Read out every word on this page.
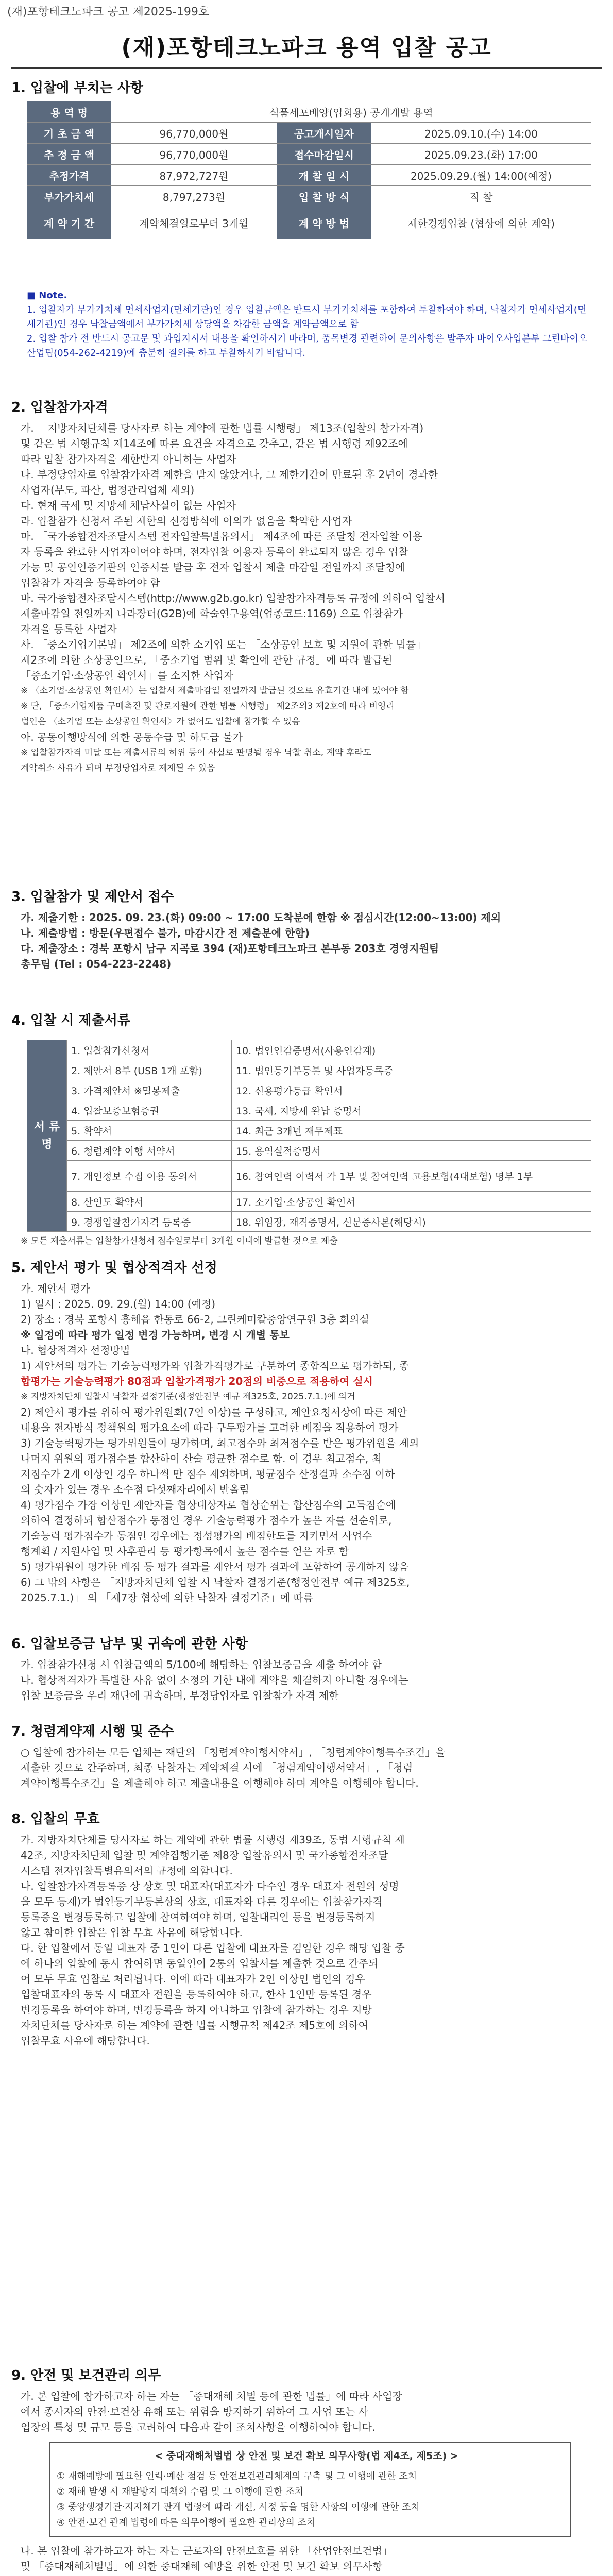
(재)포항테크노파크 공고 제2025-199호
(재)포항테크노파크 용역 입찰 공고
1. 입찰에 부치는 사항
용 역 명	식품세포배양(입회용) 공개개발 용역		
기 초 금 액	96,770,000원	공고개시일자	2025.09.10.(수) 14:00
추 정 금 액	96,770,000원	접수마감일시	2025.09.23.(화) 17:00
추정가격	87,972,727원	개 찰 일 시	2025.09.29.(월) 14:00(예정)
부가가치세	8,797,273원	입 찰 방 식	직 찰
계 약 기 간	계약체결일로부터 3개월	계 약 방 법	제한경쟁입찰 (협상에 의한 계약)
■ Note.
1. 입찰자가 부가가치세 면세사업자(면세기관)인 경우 입찰금액은 반드시 부가가치세를 포함하여 투찰하여야 하며, 낙찰자가 면세사업자(면세기관)인 경우 낙찰금액에서 부가가치세 상당액을 차감한 금액을 계약금액으로 함
2. 입찰 참가 전 반드시 공고문 및 과업지시서 내용을 확인하시기 바라며, 품목변경 관련하여 문의사항은 발주자 바이오사업본부 그린바이오산업팀(054-262-4219)에 충분히 질의를 하고 투찰하시기 바랍니다.
2. 입찰참가자격
가. 「지방자치단체를 당사자로 하는 계약에 관한 법률 시행령」 제13조(입찰의 참가자격)
및 같은 법 시행규칙 제14조에 따른 요건을 자격으로 갖추고, 같은 법 시행령 제92조에
따라 입찰 참가자격을 제한받지 아니하는 사업자
나. 부정당업자로 입찰참가자격 제한을 받지 않았거나, 그 제한기간이 만료된 후 2년이 경과한
사업자(부도, 파산, 법정관리업체 제외)
다. 현재 국세 및 지방세 체납사실이 없는 사업자
라. 입찰참가 신청서 주된 제한의 선정방식에 이의가 없음을 확약한 사업자
마. 「국가종합전자조달시스템 전자입찰특별유의서」 제4조에 따른 조달청 전자입찰 이용
자 등록을 완료한 사업자이어야 하며, 전자입찰 이용자 등록이 완료되지 않은 경우 입찰
가능 및 공인인증기관의 인증서를 발급 후 전자 입찰서 제출 마감일 전일까지 조달청에
입찰참가 자격을 등록하여야 함
바. 국가종합전자조달시스템(http://www.g2b.go.kr) 입찰참가자격등록 규정에 의하여 입찰서
제출마감일 전일까지 나라장터(G2B)에 학술연구용역(업종코드:1169) 으로 입찰참가
자격을 등록한 사업자
사. 「중소기업기본법」 제2조에 의한 소기업 또는 「소상공인 보호 및 지원에 관한 법률」
제2조에 의한 소상공인으로, 「중소기업 범위 및 확인에 관한 규정」에 따라 발급된
「중소기업·소상공인 확인서」를 소지한 사업자
※ 〈소기업·소상공인 확인서〉는 입찰서 제출마감일 전일까지 발급된 것으로 유효기간 내에 있어야 함
※ 단, 「중소기업제품 구매촉진 및 판로지원에 관한 법률 시행령」 제2조의3 제2호에 따라 비영리
법인은 〈소기업 또는 소상공인 확인서〉가 없어도 입찰에 참가할 수 있음
아. 공동이행방식에 의한 공동수급 및 하도급 불가
※ 입찰참가자격 미달 또는 제출서류의 허위 등이 사실로 판명될 경우 낙찰 취소, 계약 후라도
계약취소 사유가 되며 부정당업자로 제재될 수 있음
3. 입찰참가 및 제안서 접수
가. 제출기한 : 2025. 09. 23.(화) 09:00 ~ 17:00 도착분에 한함 ※ 점심시간(12:00~13:00) 제외
나. 제출방법 : 방문(우편접수 불가, 마감시간 전 제출분에 한함)
다. 제출장소 : 경북 포항시 남구 지곡로 394 (재)포항테크노파크 본부동 203호 경영지원팀
총무팀 (Tel : 054-223-2248)
4. 입찰 시 제출서류
서 류 명	1. 입찰참가신청서	10. 법인인감증명서(사용인감계)
	2. 제안서 8부 (USB 1개 포함)	11. 법인등기부등본 및 사업자등록증
	3. 가격제안서 ※밀봉제출	12. 신용평가등급 확인서
	4. 입찰보증보험증권	13. 국세, 지방세 완납 증명서
	5. 확약서	14. 최근 3개년 재무제표
	6. 청렴계약 이행 서약서	15. 용역실적증명서
	7. 개인정보 수집 이용 동의서	16. 참여인력 이력서 각 1부 및 참여인력 고용보험(4대보험) 명부 1부
	8. 산인도 확약서	17. 소기업·소상공인 확인서
	9. 경쟁입찰참가자격 등록증	18. 위임장, 재직증명서, 신분증사본(해당시)
※ 모든 제출서류는 입찰참가신청서 접수일로부터 3개월 이내에 발급한 것으로 제출
5. 제안서 평가 및 협상적격자 선정
가. 제안서 평가
1) 일시 : 2025. 09. 29.(월) 14:00 (예정)
2) 장소 : 경북 포항시 흥해읍 한동로 66-2, 그린케미칼중앙연구원 3층 회의실
※ 일정에 따라 평가 일정 변경 가능하며, 변경 시 개별 통보
나. 협상적격자 선정방법
1) 제안서의 평가는 기술능력평가와 입찰가격평가로 구분하여 종합적으로 평가하되, 종
합평가는 기술능력평가 80점과 입찰가격평가 20점의 비중으로 적용하여 실시
※ 지방자치단체 입찰시 낙찰자 결정기준(행정안전부 예규 제325호, 2025.7.1.)에 의거
2) 제안서 평가를 위하여 평가위원회(7인 이상)를 구성하고, 제안요청서상에 따른 제안
내용을 전자방식 정책원의 평가요소에 따라 구두평가를 고려한 배점을 적용하여 평가
3) 기술능력평가는 평가위원들이 평가하며, 최고점수와 최저점수를 받은 평가위원을 제외
나머지 위원의 평가점수를 합산하여 산술 평균한 점수로 함. 이 경우 최고점수, 최
저점수가 2개 이상인 경우 하나씩 만 점수 제외하며, 평균점수 산정결과 소수점 이하
의 숫자가 있는 경우 소수점 다섯째자리에서 반올림
4) 평가점수 가장 이상인 제안자를 협상대상자로 협상순위는 합산점수의 고득점순에
의하여 결정하되 합산점수가 동점인 경우 기술능력평가 점수가 높은 자를 선순위로,
기술능력 평가점수가 동점인 경우에는 정성평가의 배점한도를 지키면서 사업수
행계획 / 지원사업 및 사후관리 등 평가항목에서 높은 점수를 얻은 자로 함
5) 평가위원이 평가한 배점 등 평가 결과를 제안서 평가 결과에 포함하여 공개하지 않음
6) 그 밖의 사항은 「지방자치단체 입찰 시 낙찰자 결정기준(행정안전부 예규 제325호,
2025.7.1.)」 의 「제7장 협상에 의한 낙찰자 결정기준」에 따름
6. 입찰보증금 납부 및 귀속에 관한 사항
가. 입찰참가신청 시 입찰금액의 5/100에 해당하는 입찰보증금을 제출 하여야 함
나. 협상적격자가 특별한 사유 없이 소정의 기한 내에 계약을 체결하지 아니할 경우에는
입찰 보증금을 우리 재단에 귀속하며, 부정당업자로 입찰참가 자격 제한
7. 청렴계약제 시행 및 준수
○ 입찰에 참가하는 모든 업체는 재단의 「청렴계약이행서약서」, 「청렴계약이행특수조건」을
제출한 것으로 간주하며, 최종 낙찰자는 계약체결 시에 「청렴계약이행서약서」, 「청렴
계약이행특수조건」을 제출해야 하고 제출내용을 이행해야 하며 계약을 이행해야 합니다.
8. 입찰의 무효
가. 지방자치단체를 당사자로 하는 계약에 관한 법률 시행령 제39조, 동법 시행규칙 제
42조, 지방자치단체 입찰 및 계약집행기준 제8장 입찰유의서 및 국가종합전자조달
시스템 전자입찰특별유의서의 규정에 의함니다.
나. 입찰참가자격등록증 상 상호 및 대표자(대표자가 다수인 경우 대표자 전원의 성명
을 모두 등재)가 법인등기부등본상의 상호, 대표자와 다른 경우에는 입찰참가자격
등록증을 변경등록하고 입찰에 참여하여야 하며, 입찰대리인 등을 변경등록하지
않고 참여한 입찰은 입찰 무효 사유에 해당합니다.
다. 한 입찰에서 동일 대표자 중 1인이 다른 입찰에 대표자를 겸임한 경우 해당 입찰 중
에 하나의 입찰에 동시 참여하면 동일인이 2통의 입찰서를 제출한 것으로 간주되
어 모두 무효 입찰로 처리됩니다. 이에 따라 대표자가 2인 이상인 법인의 경우
입찰대표자의 동록 시 대표자 전원을 등록하여야 하고, 한사 1인만 등록된 경우
변경등록을 하여야 하며, 변경등록을 하지 아니하고 입찰에 참가하는 경우 지방
자치단체를 당사자로 하는 계약에 관한 법률 시행규칙 제42조 제5호에 의하여
입찰무효 사유에 해당합니다.
9. 안전 및 보건관리 의무
가. 본 입찰에 참가하고자 하는 자는 「중대재해 처벌 등에 관한 법률」에 따라 사업장
에서 종사자의 안전·보건상 유해 또는 위험을 방지하기 위하여 그 사업 또는 사
업장의 특성 및 규모 등을 고려하여 다음과 같이 조치사항을 이행하여야 합니다.
< 중대재해처벌법 상 안전 및 보건 확보 의무사항(법 제4조, 제5조) >
① 재해예방에 필요한 인력·예산 점검 등 안전보건관리체계의 구축 및 그 이행에 관한 조치
② 재해 발생 시 재발방지 대책의 수립 및 그 이행에 관한 조치
③ 중앙행정기관·지자체가 관계 법령에 따라 개선, 시정 등을 명한 사항의 이행에 관한 조치
④ 안전·보건 관계 법령에 따른 의무이행에 필요한 관리상의 조치
나. 본 입찰에 참가하고자 하는 자는 근로자의 안전보호를 위한 「산업안전보건법」
및 「중대재해처벌법」에 의한 중대재해 예방을 위한 안전 및 보건 확보 의무사항
